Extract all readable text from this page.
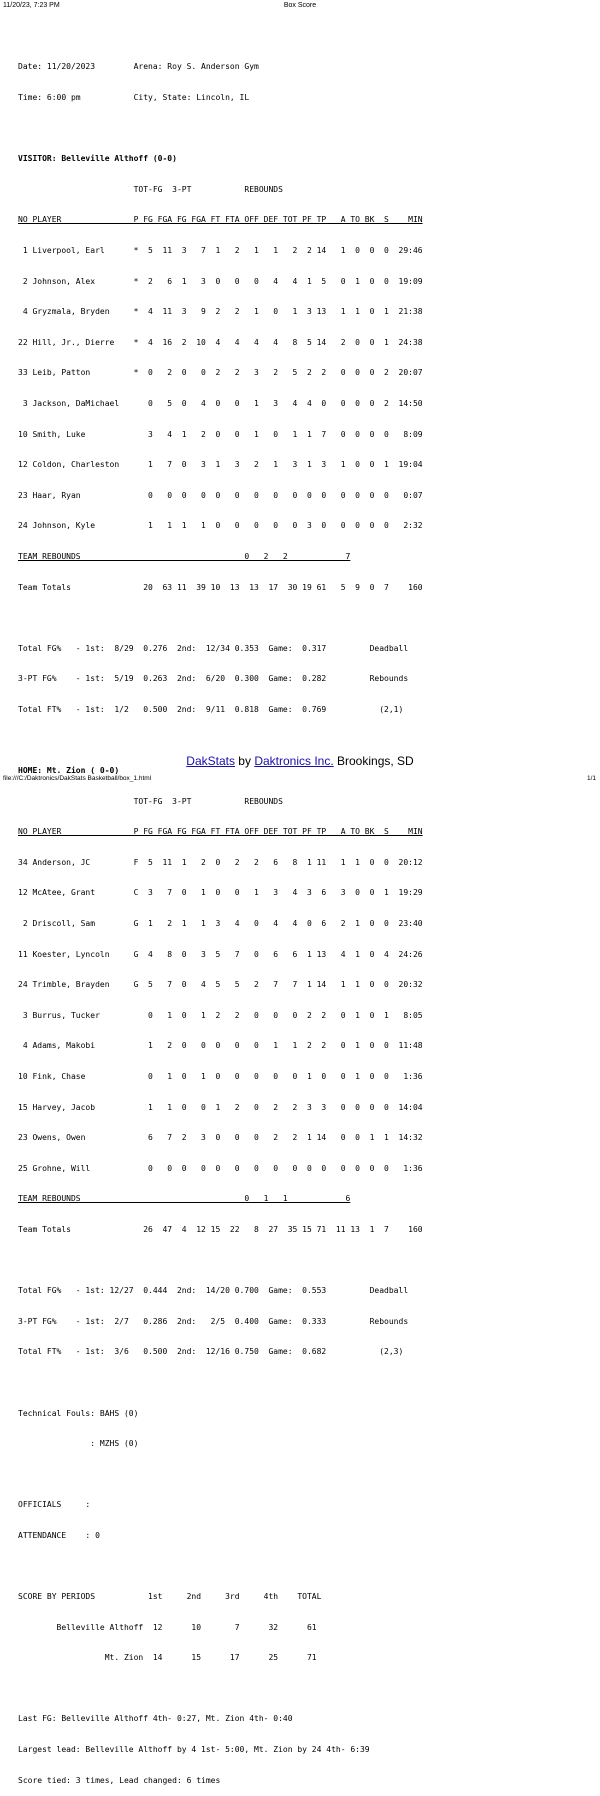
11/20/23, 7:23 PM	Box Score

Date: 11/20/2023        Arena: Roy S. Anderson Gym

Time: 6:00 pm           City, State: Lincoln, IL

VISITOR: Belleville Althoff (0-0)

TOT-FG  3-PT           REBOUNDS

NO PLAYER               P FG FGA FG FGA FT FTA OFF DEF TOT PF TP   A TO BK  S    MIN

1 Liverpool, Earl      *  5  11  3   7  1   2   1   1   2  2 14   1  0  0  0  29:46

2 Johnson, Alex        *  2   6  1   3  0   0   0   4   4  1  5   0  1  0  0  19:09

4 Gryzmala, Bryden     *  4  11  3   9  2   2   1   0   1  3 13   1  1  0  1  21:38

22 Hill, Jr., Dierre    *  4  16  2  10  4   4   4   4   8  5 14   2  0  0  1  24:38

33 Leib, Patton         *  0   2  0   0  2   2   3   2   5  2  2   0  0  0  2  20:07

3 Jackson, DaMichael      0   5  0   4  0   0   1   3   4  4  0   0  0  0  2  14:50

10 Smith, Luke             3   4  1   2  0   0   1   0   1  1  7   0  0  0  0   8:09

12 Coldon, Charleston      1   7  0   3  1   3   2   1   3  1  3   1  0  0  1  19:04

23 Haar, Ryan              0   0  0   0  0   0   0   0   0  0  0   0  0  0  0   0:07

24 Johnson, Kyle           1   1  1   1  0   0   0   0   0  3  0   0  0  0  0   2:32

TEAM REBOUNDS                                  0   2   2            7

Team Totals               20  63 11  39 10  13  13  17  30 19 61   5  9  0  7    160

Total FG%   - 1st:  8/29  0.276  2nd:  12/34 0.353  Game:  0.317         Deadball

3-PT FG%    - 1st:  5/19  0.263  2nd:  6/20  0.300  Game:  0.282         Rebounds

Total FT%   - 1st:  1/2   0.500  2nd:  9/11  0.818  Game:  0.769           (2,1)

HOME: Mt. Zion ( 0-0)

TOT-FG  3-PT           REBOUNDS

NO PLAYER               P FG FGA FG FGA FT FTA OFF DEF TOT PF TP   A TO BK  S    MIN

34 Anderson, JC         F  5  11  1   2  0   2   2   6   8  1 11   1  1  0  0  20:12

12 McAtee, Grant        C  3   7  0   1  0   0   1   3   4  3  6   3  0  0  1  19:29

2 Driscoll, Sam        G  1   2  1   1  3   4   0   4   4  0  6   2  1  0  0  23:40

11 Koester, Lyncoln     G  4   8  0   3  5   7   0   6   6  1 13   4  1  0  4  24:26

24 Trimble, Brayden     G  5   7  0   4  5   5   2   7   7  1 14   1  1  0  0  20:32

3 Burrus, Tucker          0   1  0   1  2   2   0   0   0  2  2   0  1  0  1   8:05

4 Adams, Makobi           1   2  0   0  0   0   0   1   1  2  2   0  1  0  0  11:48

10 Fink, Chase             0   1  0   1  0   0   0   0   0  1  0   0  1  0  0   1:36

15 Harvey, Jacob           1   1  0   0  1   2   0   2   2  3  3   0  0  0  0  14:04

23 Owens, Owen             6   7  2   3  0   0   0   2   2  1 14   0  0  1  1  14:32

25 Grohne, Will            0   0  0   0  0   0   0   0   0  0  0   0  0  0  0   1:36

TEAM REBOUNDS                                  0   1   1            6

Team Totals               26  47  4  12 15  22   8  27  35 15 71  11 13  1  7    160

Total FG%   - 1st: 12/27  0.444  2nd:  14/20 0.700  Game:  0.553         Deadball

3-PT FG%    - 1st:  2/7   0.286  2nd:   2/5  0.400  Game:  0.333         Rebounds

Total FT%   - 1st:  3/6   0.500  2nd:  12/16 0.750  Game:  0.682           (2,3)

Technical Fouls: BAHS (0)

: MZHS (0)

OFFICIALS     :

ATTENDANCE    : 0

SCORE BY PERIODS           1st     2nd     3rd     4th    TOTAL

Belleville Althoff  12      10       7      32      61

Mt. Zion  14      15      17      25      71

Last FG: Belleville Althoff 4th- 0:27, Mt. Zion 4th- 0:40

Largest lead: Belleville Althoff by 4 1st- 5:00, Mt. Zion by 24 4th- 6:39

Score tied: 3 times, Lead changed: 6 times

DakStats by Daktronics Inc. Brookings, SD
file:///C:/Daktronics/DakStats Basketball/box_1.html	1/1
